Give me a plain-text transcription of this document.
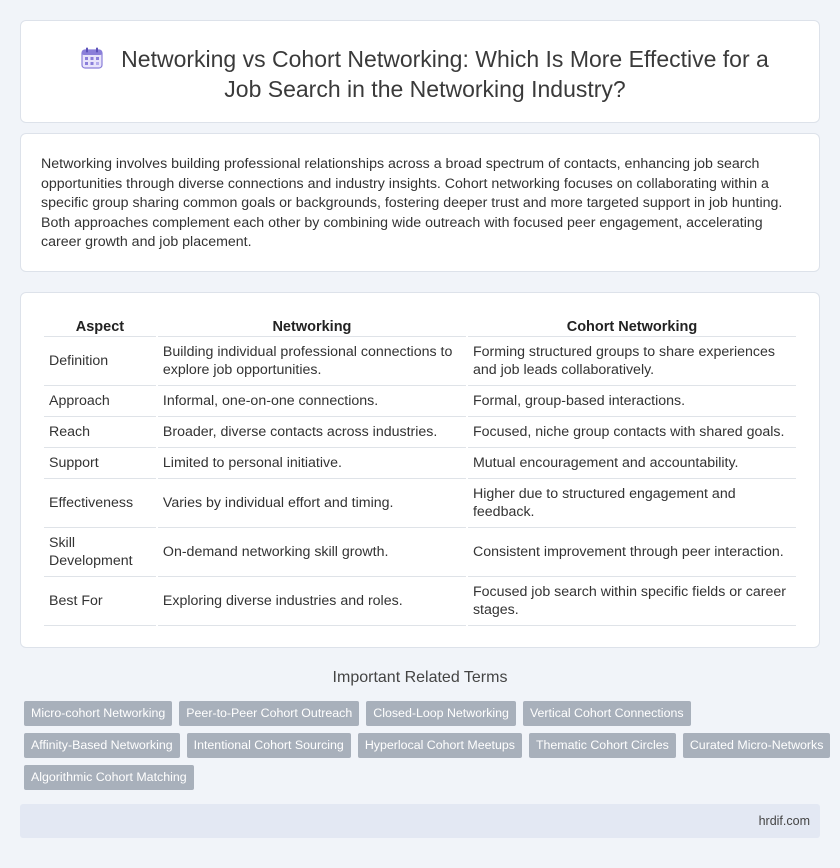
Networking vs Cohort Networking: Which Is More Effective for a Job Search in the Networking Industry?

Networking involves building professional relationships across a broad spectrum of contacts, enhancing job search opportunities through diverse connections and industry insights. Cohort networking focuses on collaborating within a specific group sharing common goals or backgrounds, fostering deeper trust and more targeted support in job hunting. Both approaches complement each other by combining wide outreach with focused peer engagement, accelerating career growth and job placement.

Aspect	Networking	Cohort Networking
Definition	Building individual professional connections to explore job opportunities.	Forming structured groups to share experiences and job leads collaboratively.
Approach	Informal, one-on-one connections.	Formal, group-based interactions.
Reach	Broader, diverse contacts across industries.	Focused, niche group contacts with shared goals.
Support	Limited to personal initiative.	Mutual encouragement and accountability.
Effectiveness	Varies by individual effort and timing.	Higher due to structured engagement and feedback.
Skill Development	On-demand networking skill growth.	Consistent improvement through peer interaction.
Best For	Exploring diverse industries and roles.	Focused job search within specific fields or career stages.
Important Related Terms
Micro-cohort Networking	Peer-to-Peer Cohort Outreach	Closed-Loop Networking	Vertical Cohort Connections
Affinity-Based Networking	Intentional Cohort Sourcing	Hyperlocal Cohort Meetups	Thematic Cohort Circles	Curated Micro-Networks
Algorithmic Cohort Matching
hrdif.com
